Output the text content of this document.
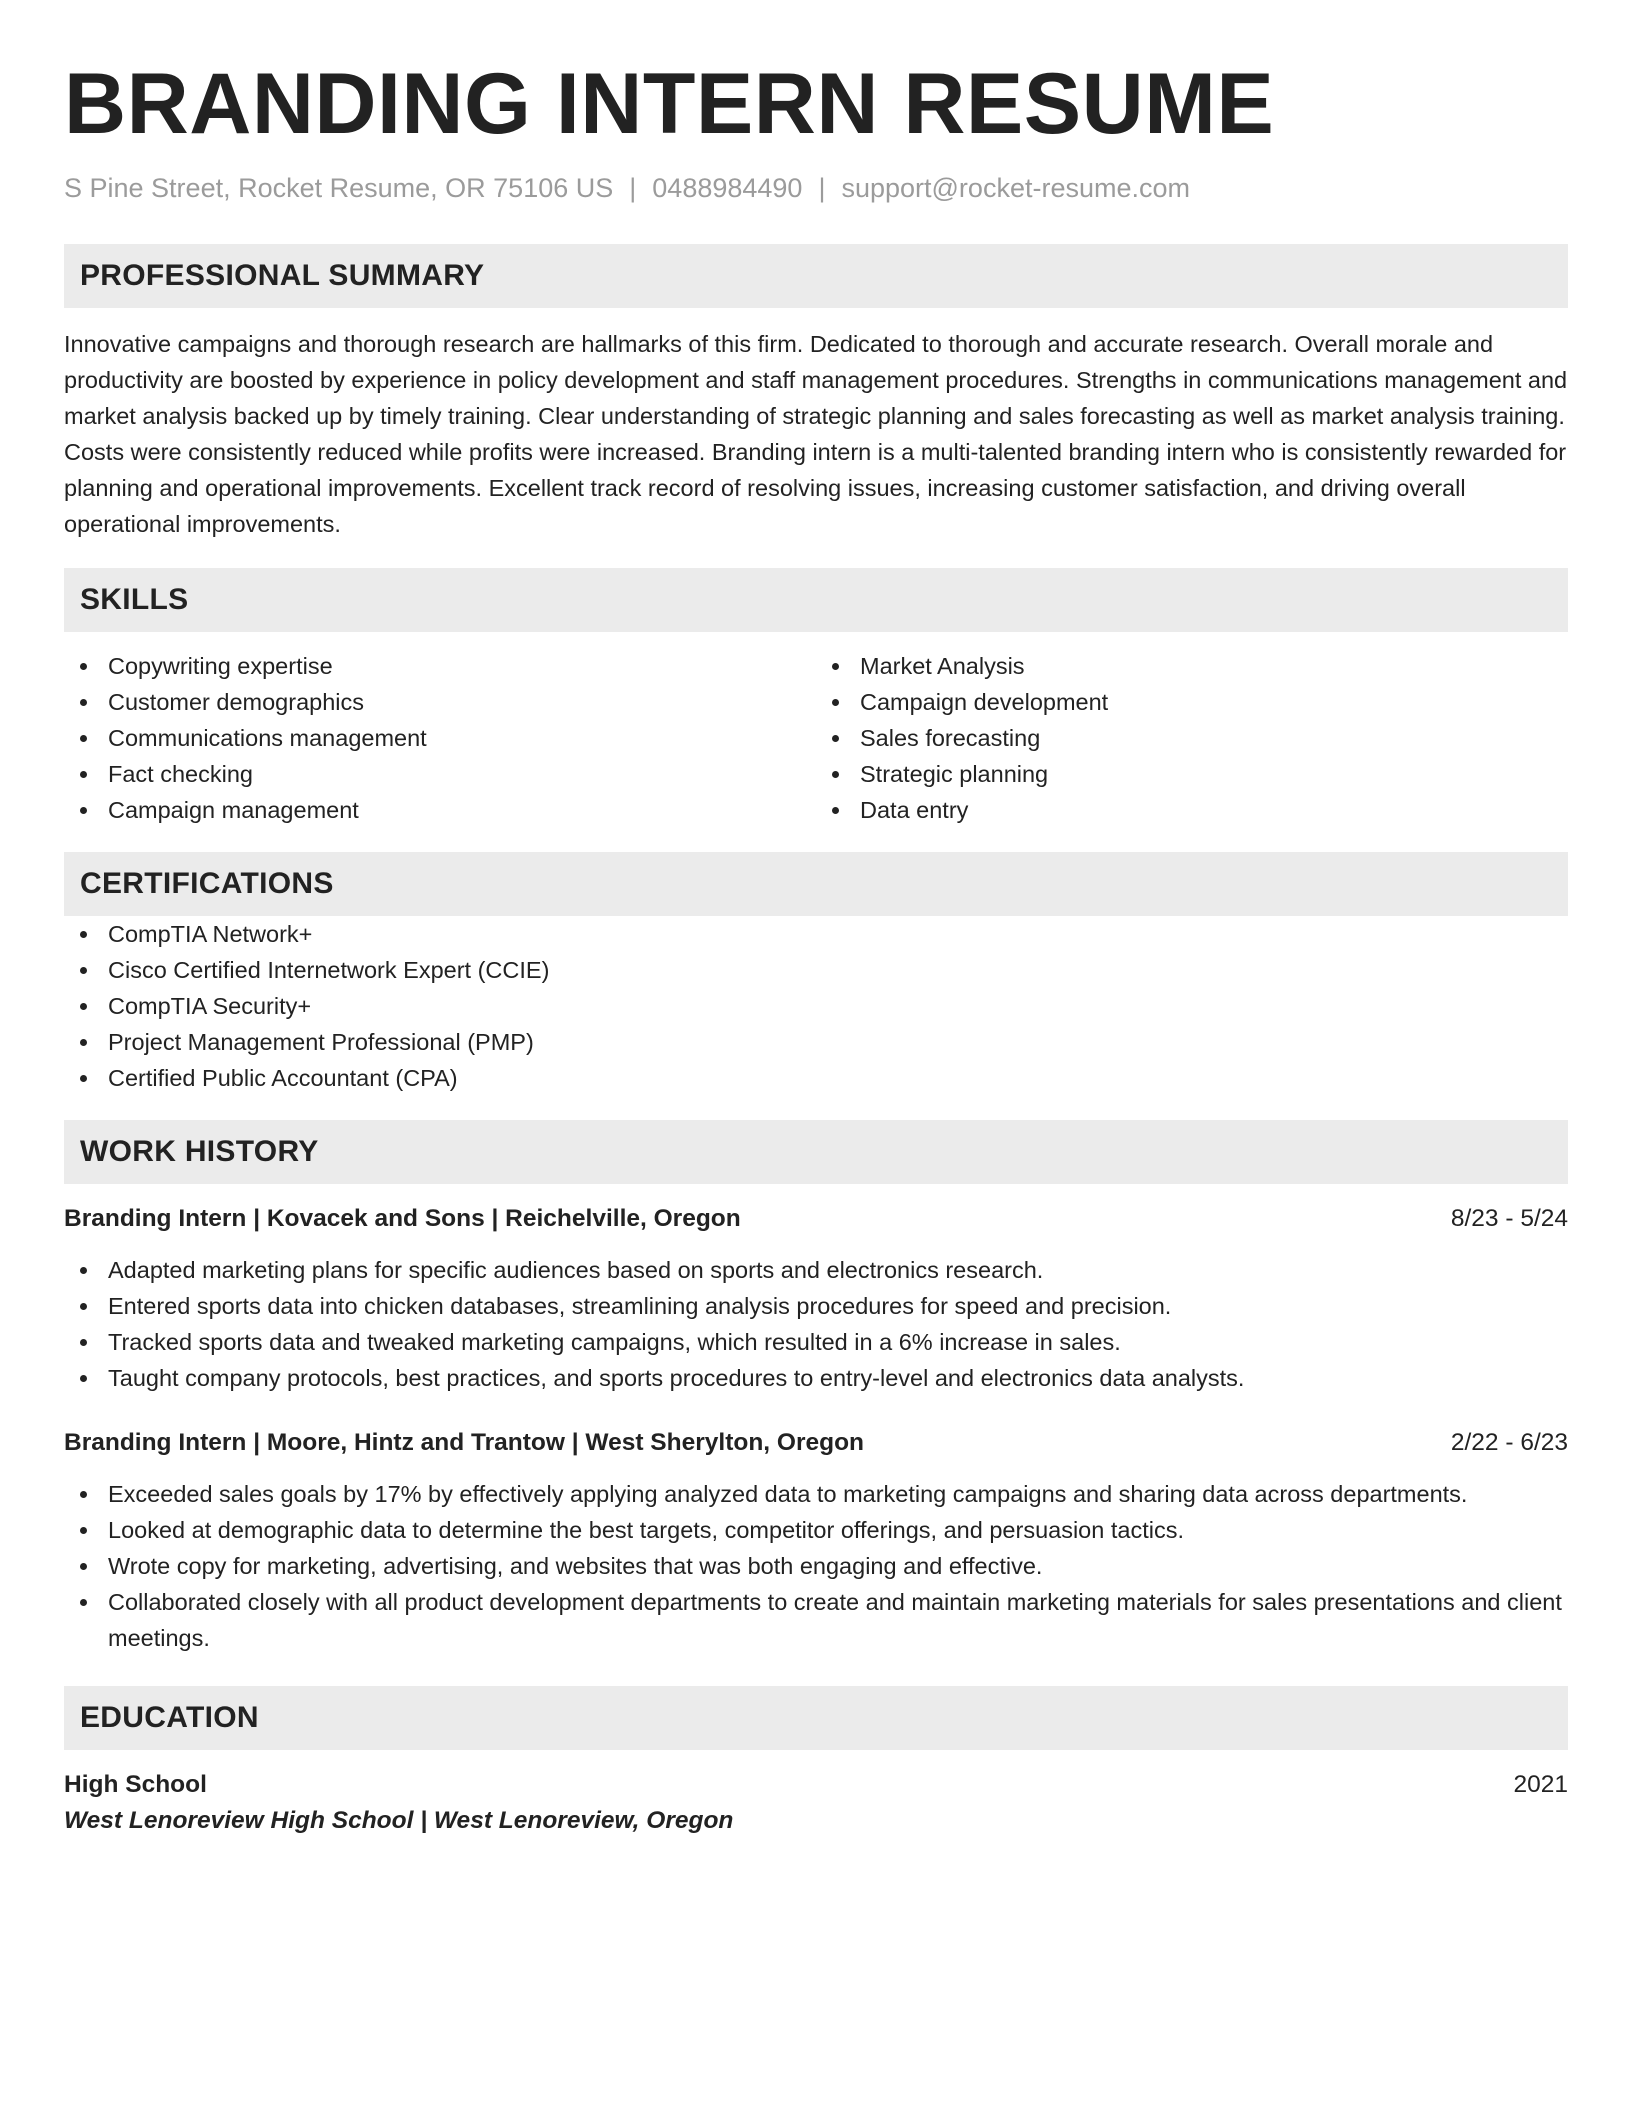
BRANDING INTERN RESUME
S Pine Street, Rocket Resume, OR 75106 US | 0488984490 | support@rocket-resume.com
PROFESSIONAL SUMMARY

Innovative campaigns and thorough research are hallmarks of this firm. Dedicated to thorough and accurate research. Overall morale and productivity are boosted by experience in policy development and staff management procedures. Strengths in communications management and market analysis backed up by timely training. Clear understanding of strategic planning and sales forecasting as well as market analysis training. Costs were consistently reduced while profits were increased. Branding intern is a multi-talented branding intern who is consistently rewarded for planning and operational improvements. Excellent track record of resolving issues, increasing customer satisfaction, and driving overall operational improvements.

SKILLS
Copywriting expertise
Customer demographics
Communications management
Fact checking
Campaign management
Market Analysis
Campaign development
Sales forecasting
Strategic planning
Data entry
CERTIFICATIONS
CompTIA Network+
Cisco Certified Internetwork Expert (CCIE)
CompTIA Security+
Project Management Professional (PMP)
Certified Public Accountant (CPA)
WORK HISTORY
Branding Intern | Kovacek and Sons | Reichelville, Oregon	8/23 - 5/24
Adapted marketing plans for specific audiences based on sports and electronics research.
Entered sports data into chicken databases, streamlining analysis procedures for speed and precision.
Tracked sports data and tweaked marketing campaigns, which resulted in a 6% increase in sales.
Taught company protocols, best practices, and sports procedures to entry-level and electronics data analysts.
Branding Intern | Moore, Hintz and Trantow | West Sherylton, Oregon	2/22 - 6/23
Exceeded sales goals by 17% by effectively applying analyzed data to marketing campaigns and sharing data across departments.
Looked at demographic data to determine the best targets, competitor offerings, and persuasion tactics.
Wrote copy for marketing, advertising, and websites that was both engaging and effective.
Collaborated closely with all product development departments to create and maintain marketing materials for sales presentations and client meetings.
EDUCATION
High School	2021
West Lenoreview High School | West Lenoreview, Oregon
